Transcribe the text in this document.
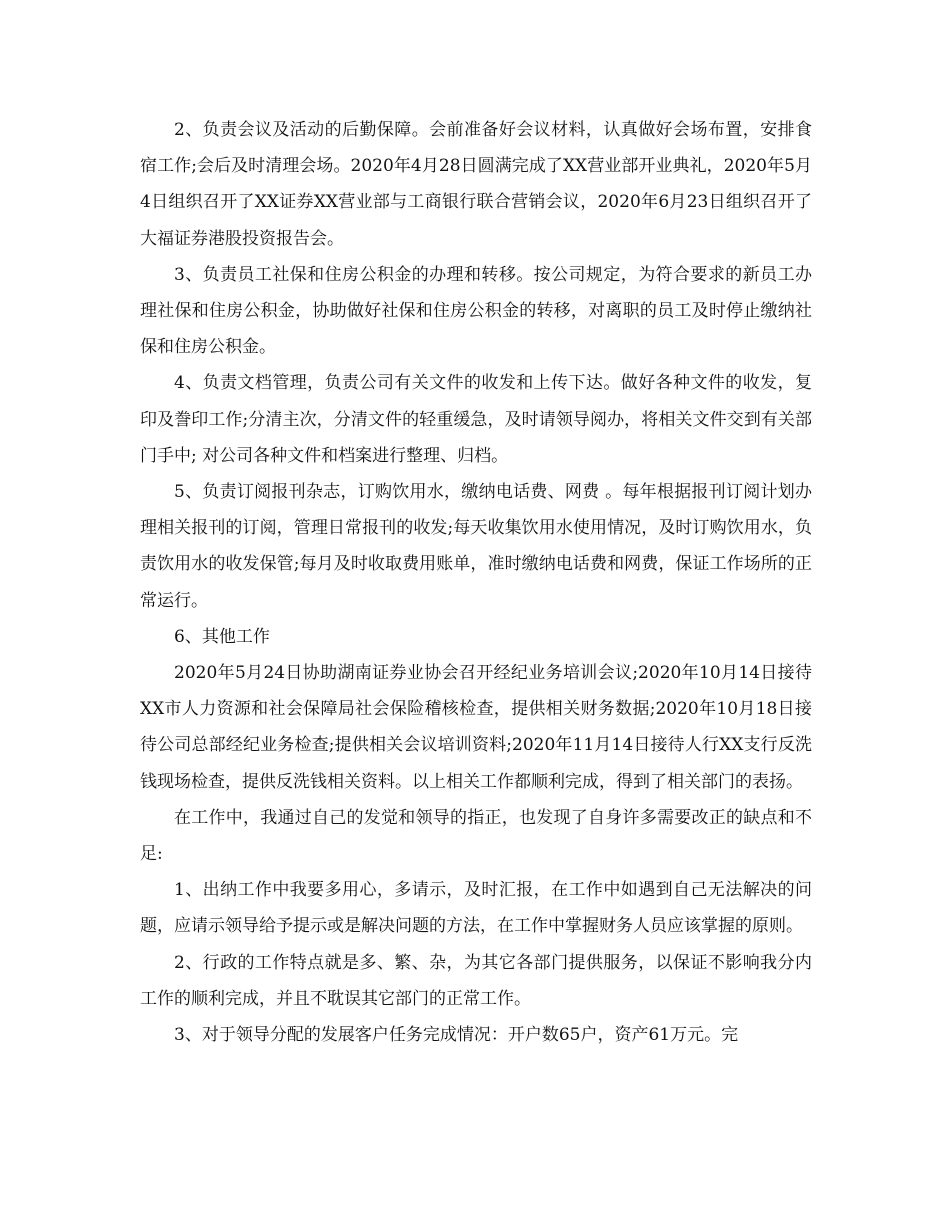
2、负责会议及活动的后勤保障。会前准备好会议材料，认真做好会场布置，安排食宿工作;会后及时清理会场。2020年4月28日圆满完成了XX营业部开业典礼，2020年5月4日组织召开了XX证券XX营业部与工商银行联合营销会议，2020年6月23日组织召开了大福证券港股投资报告会。

3、负责员工社保和住房公积金的办理和转移。按公司规定，为符合要求的新员工办理社保和住房公积金，协助做好社保和住房公积金的转移，对离职的员工及时停止缴纳社保和住房公积金。

4、负责文档管理，负责公司有关文件的收发和上传下达。做好各种文件的收发，复印及誊印工作;分清主次，分清文件的轻重缓急，及时请领导阅办，将相关文件交到有关部门手中; 对公司各种文件和档案进行整理、归档。

5、负责订阅报刊杂志，订购饮用水，缴纳电话费、网费 。每年根据报刊订阅计划办理相关报刊的订阅，管理日常报刊的收发;每天收集饮用水使用情况，及时订购饮用水，负责饮用水的收发保管;每月及时收取费用账单，准时缴纳电话费和网费，保证工作场所的正常运行。

6、其他工作

2020年5月24日协助湖南证券业协会召开经纪业务培训会议;2020年10月14日接待XX市人力资源和社会保障局社会保险稽核检查，提供相关财务数据;2020年10月18日接待公司总部经纪业务检查;提供相关会议培训资料;2020年11月14日接待人行XX支行反洗钱现场检查，提供反洗钱相关资料。以上相关工作都顺利完成，得到了相关部门的表扬。

在工作中，我通过自己的发觉和领导的指正，也发现了自身许多需要改正的缺点和不足:

1、出纳工作中我要多用心，多请示，及时汇报，在工作中如遇到自己无法解决的问题，应请示领导给予提示或是解决问题的方法，在工作中掌握财务人员应该掌握的原则。

2、行政的工作特点就是多、繁、杂，为其它各部门提供服务，以保证不影响我分内工作的顺利完成，并且不耽误其它部门的正常工作。

3、对于领导分配的发展客户任务完成情况：开户数65户，资产61万元。完
